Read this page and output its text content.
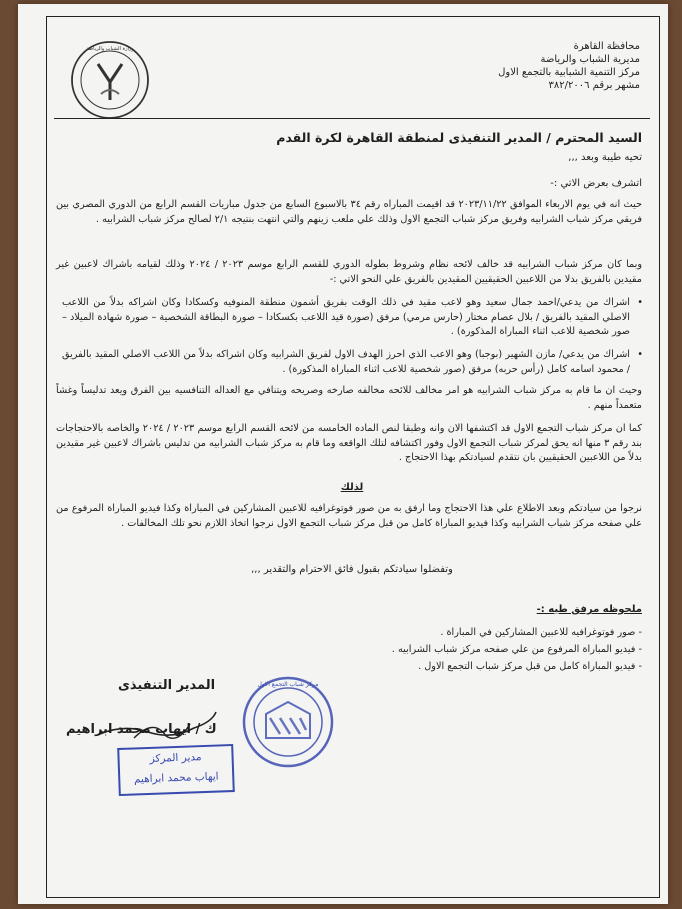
محافظة القاهرة
مديرية الشباب والرياضة
مركز التنمية الشبابية بالتجمع الاول
مشهر برقم ٣٨٢/٢٠٠٦
وزارة الشباب والرياضة
السيد المحترم / المدير التنفيذى لمنطقة القاهرة لكرة القدم
تحيه طيبة وبعد ,,,
اتشرف بعرض الاتي :-
حيث انه في يوم الاربعاء الموافق ٢٠٢٣/١١/٢٢ قد اقيمت المباراه رقم ٣٤ بالاسبوع السابع من جدول مباريات القسم الرابع من الدوري المصري بين فريقي مركز شباب الشرابيه وفريق مركز شباب التجمع الاول وذلك علي ملعب زينهم والتي انتهت بنتيجه ٢/١ لصالح مركز شباب الشرابيه .
وبما كان مركز شباب الشرابيه قد خالف لائحه نظام وشروط بطوله الدوري للقسم الرابع موسم ٢٠٢٣ / ٢٠٢٤ وذلك لقيامه باشراك لاعبين غير مقيدين بالفريق بدلا من اللاعبين الحقيقيين المقيدين بالفريق علي النحو الاتي :-
• اشراك من يدعي/احمد جمال سعيد وهو لاعب مقيد في ذلك الوقت بفريق أشمون منطقة المنوفيه وكسكادا وكان اشراكه بدلاً من اللاعب الاصلي المقيد بالفريق / بلال عصام مختار (حارس مرمي) مرفق (صورة قيد اللاعب بكسكادا – صورة البطاقة الشخصية – صورة شهادة الميلاد – صور شخصية للاعب اثناء المباراة المذكورة) .
• اشراك من يدعي/ مازن الشهير (بوجبا) وهو الاعب الذي احرز الهدف الاول لفريق الشرابيه وكان اشراكه بدلاً من اللاعب الاصلي المقيد بالفريق / محمود اسامه كامل (رأس حربه) مرفق (صور شخصية للاعب اثناء المباراة المذكورة) .
وحيث ان ما قام به مركز شباب الشرابيه هو امر مخالف للائحه مخالفه صارخه وصريحه ويتنافي مع العداله التنافسيه بين الفرق ويعد تدليساً وغشاً متعمداً منهم .
كما ان مركز شباب التجمع الاول قد اكتشفها الان وانه وطبقا لنص الماده الخامسه من لائحه القسم الرابع موسم ٢٠٢٣ / ٢٠٢٤ والخاصه بالاحتجاجات بند رقم ٣ منها انه يحق لمركز شباب التجمع الاول وفور اكتشافه لتلك الواقعه وما قام به مركز شباب الشرابيه من تدليس باشراك لاعبين غير مقيدين بدلاً من اللاعبين الحقيقيين بان نتقدم لسيادتكم بهذا الاحتجاج .
لذلك
نرجوا من سيادتكم وبعد الاطلاع علي هذا الاحتجاج وما ارفق به من صور فوتوغرافيه للاعبين المشاركين في المباراة وكذا فيديو المباراة المرفوع من علي صفحه مركز شباب الشرابيه وكذا فيديو المباراة كامل من قبل مركز شباب التجمع الاول نرجوا اتخاذ اللازم نحو تلك المخالفات .
وتفضلوا سيادتكم بقبول فائق الاحترام والتقدير ,,,
ملحوظه مرفق طيه :-
- صور فوتوغرافيه للاعبين المشاركين في المباراة .
- فيديو المباراة المرفوع من علي صفحه مركز شباب الشرابيه .
- فيديو المباراة كامل من قبل مركز شباب التجمع الاول .
مركز شباب التجمع الاول
المدير التنفيذى
ك / ايهاب محمد ابراهيم
مدير المركز
ايهاب محمد ابراهيم
